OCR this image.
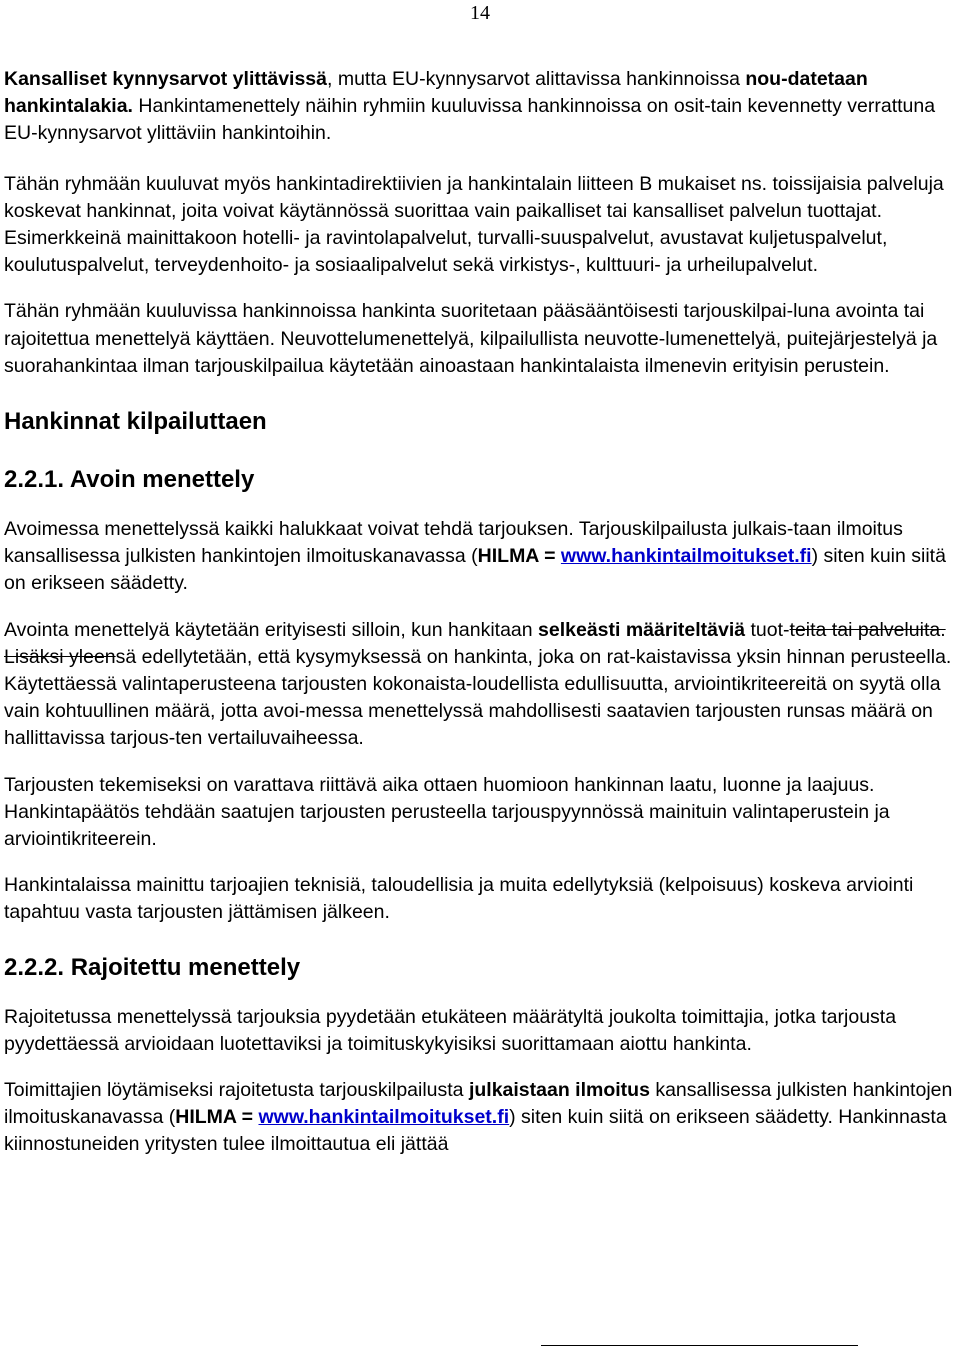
14

Kansalliset kynnysarvot ylittävissä, mutta EU-kynnysarvot alittavissa hankinnoissa nou-datetaan hankintalakia. Hankintamenettely näihin ryhmiin kuuluvissa hankinnoissa on osit-tain kevennetty verrattuna EU-kynnysarvot ylittäviin hankintoihin.

Tähän ryhmään kuuluvat myös hankintadirektiivien ja hankintalain liitteen B mukaiset ns. toissijaisia palveluja koskevat hankinnat, joita voivat käytännössä suorittaa vain paikalliset tai kansalliset palvelun tuottajat. Esimerkkeinä mainittakoon hotelli- ja ravintolapalvelut, turvalli-suuspalvelut, avustavat kuljetuspalvelut, koulutuspalvelut, terveydenhoito- ja sosiaalipalvelut sekä virkistys-, kulttuuri- ja urheilupalvelut.

Tähän ryhmään kuuluvissa hankinnoissa hankinta suoritetaan pääsääntöisesti tarjouskilpai-luna avointa tai rajoitettua menettelyä käyttäen. Neuvottelumenettelyä, kilpailullista neuvotte-lumenettelyä, puitejärjestelyä ja suorahankintaa ilman tarjouskilpailua käytetään ainoastaan hankintalaista ilmenevin erityisin perustein.

Hankinnat kilpailuttaen
2.2.1. Avoin menettely

Avoimessa menettelyssä kaikki halukkaat voivat tehdä tarjouksen. Tarjouskilpailusta julkais-taan ilmoitus kansallisessa julkisten hankintojen ilmoituskanavassa (HILMA = www.hankintailmoitukset.fi) siten kuin siitä on erikseen säädetty.

Avointa menettelyä käytetään erityisesti silloin, kun hankitaan selkeästi määriteltäviä tuot-teita tai palveluita. Lisäksi yleensä edellytetään, että kysymyksessä on hankinta, joka on rat-kaistavissa yksin hinnan perusteella. Käytettäessä valintaperusteena tarjousten kokonaista-loudellista edullisuutta, arviointikriteereitä on syytä olla vain kohtuullinen määrä, jotta avoi-messa menettelyssä mahdollisesti saatavien tarjousten runsas määrä on hallittavissa tarjous-ten vertailuvaiheessa.

Tarjousten tekemiseksi on varattava riittävä aika ottaen huomioon hankinnan laatu, luonne ja laajuus. Hankintapäätös tehdään saatujen tarjousten perusteella tarjouspyynnössä mainituin valintaperustein ja arviointikriteerein.

Hankintalaissa mainittu tarjoajien teknisiä, taloudellisia ja muita edellytyksiä (kelpoisuus) koskeva arviointi tapahtuu vasta tarjousten jättämisen jälkeen.

2.2.2. Rajoitettu menettely

Rajoitetussa menettelyssä tarjouksia pyydetään etukäteen määrätyltä joukolta toimittajia, jotka tarjousta pyydettäessä arvioidaan luotettaviksi ja toimituskykyisiksi suorittamaan aiottu hankinta.

Toimittajien löytämiseksi rajoitetusta tarjouskilpailusta julkaistaan ilmoitus kansallisessa julkisten hankintojen ilmoituskanavassa (HILMA = www.hankintailmoitukset.fi) siten kuin siitä on erikseen säädetty. Hankinnasta kiinnostuneiden yritysten tulee ilmoittautua eli jättää
